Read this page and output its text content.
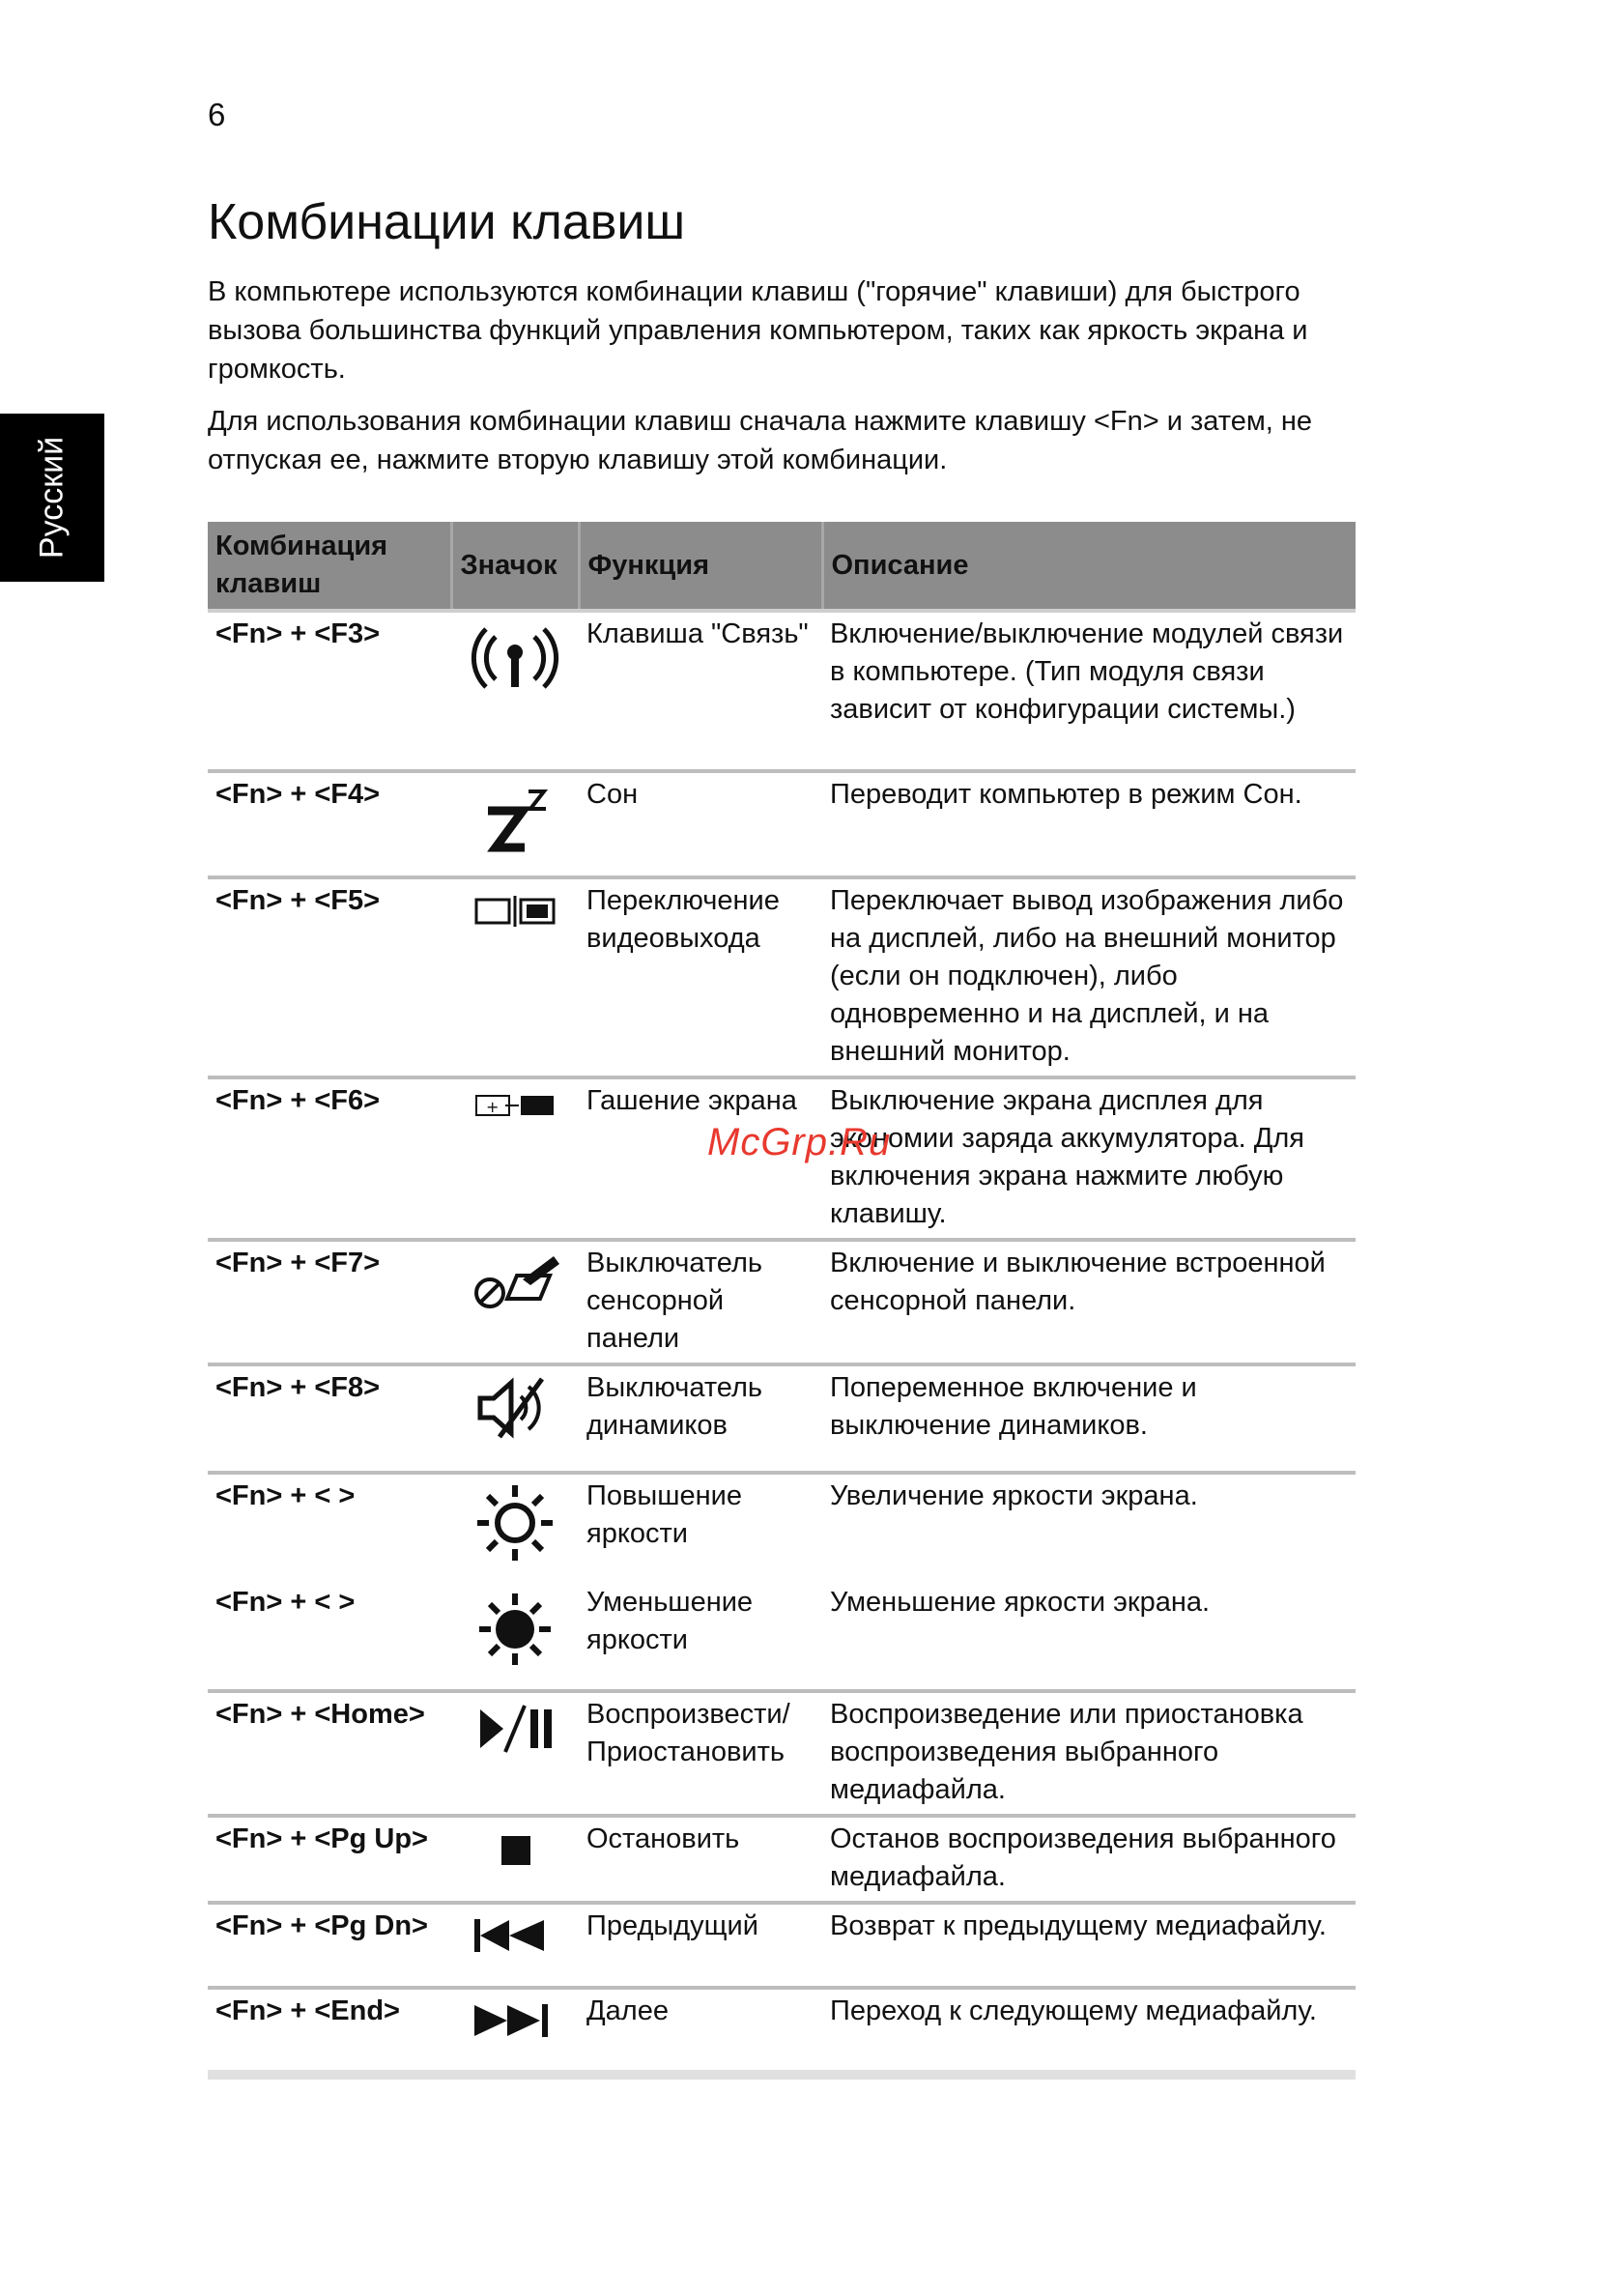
6
Русский
Комбинации клавиш

В компьютере используются комбинации клавиш ("горячие" клавиши) для быстрого вызова большинства функций управления компьютером, таких как яркость экрана и громкость.

Для использования комбинации клавиш сначала нажмите клавишу <Fn> и затем, не отпуская ее, нажмите вторую клавишу этой комбинации.

Комбинация клавиш	Значок	Функция	Описание
<Fn> + <F3>		Клавиша "Связь"	Включение/выключение модулей связи в компьютере. (Тип модуля связи зависит от конфигурации системы.)
<Fn> + <F4>		Сон	Переводит компьютер в режим Сон.
<Fn> + <F5>		Переключение видеовыхода	Переключает вывод изображения либо на дисплей, либо на внешний монитор (если он подключен), либо одновременно и на дисплей, и на внешний монитор.
<Fn> + <F6>	+	Гашение экрана	Выключение экрана дисплея для экономии заряда аккумулятора. Для включения экрана нажмите любую клавишу.
<Fn> + <F7>		Выключатель сенсорной панели	Включение и выключение встроенной сенсорной панели.
<Fn> + <F8>		Выключатель динамиков	Попеременное включение и выключение динамиков.
<Fn> + < >		Повышение яркости	Увеличение яркости экрана.
<Fn> + < >		Уменьшение яркости	Уменьшение яркости экрана.
<Fn> + <Home>		Воспроизвести/ Приостановить	Воспроизведение или приостановка воспроизведения выбранного медиафайла.
<Fn> + <Pg Up>		Остановить	Останов воспроизведения выбранного медиафайла.
<Fn> + <Pg Dn>		Предыдущий	Возврат к предыдущему медиафайлу.
<Fn> + <End>		Далее	Переход к следующему медиафайлу.
McGrp.Ru
